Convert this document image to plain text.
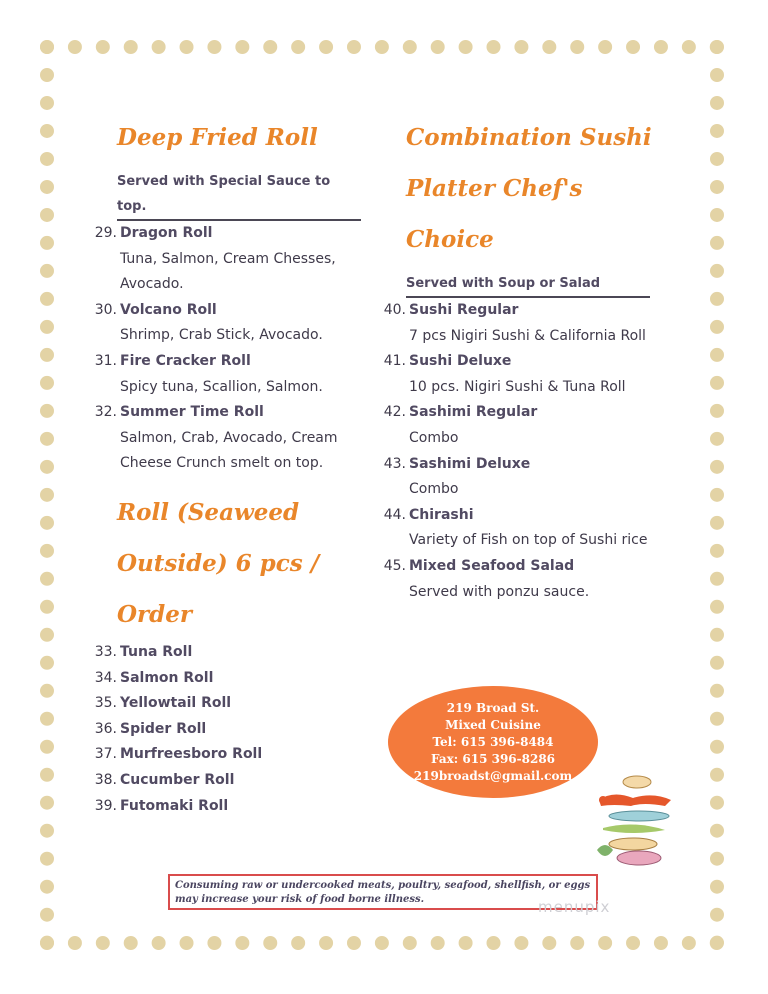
Deep Fried Roll
Served with Special Sauce to top.
29. Dragon Roll
Tuna, Salmon, Cream Chesses, Avocado.
30. Volcano Roll
Shrimp, Crab Stick, Avocado.
31. Fire Cracker Roll
Spicy tuna, Scallion, Salmon.
32. Summer Time Roll
Salmon, Crab, Avocado, Cream Cheese Crunch smelt on top.
Roll (Seaweed Outside) 6 pcs / Order
33. Tuna Roll
34. Salmon Roll
35. Yellowtail Roll
36. Spider Roll
37. Murfreesboro Roll
38. Cucumber Roll
39. Futomaki Roll
Combination Sushi Platter Chef's Choice
Served with Soup or Salad
40. Sushi Regular
7 pcs Nigiri Sushi & California Roll
41. Sushi Deluxe
10 pcs. Nigiri Sushi & Tuna Roll
42. Sashimi Regular
Combo
43. Sashimi Deluxe
Combo
44. Chirashi
Variety of Fish on top of Sushi rice
45. Mixed Seafood Salad
Served with ponzu sauce.
219 Broad St.
Mixed Cuisine
Tel: 615 396-8484
Fax: 615 396-8286
219broadst@gmail.com
Consuming raw or undercooked meats, poultry, seafood, shellfish, or eggs may increase your risk of food borne illness.	menupix
